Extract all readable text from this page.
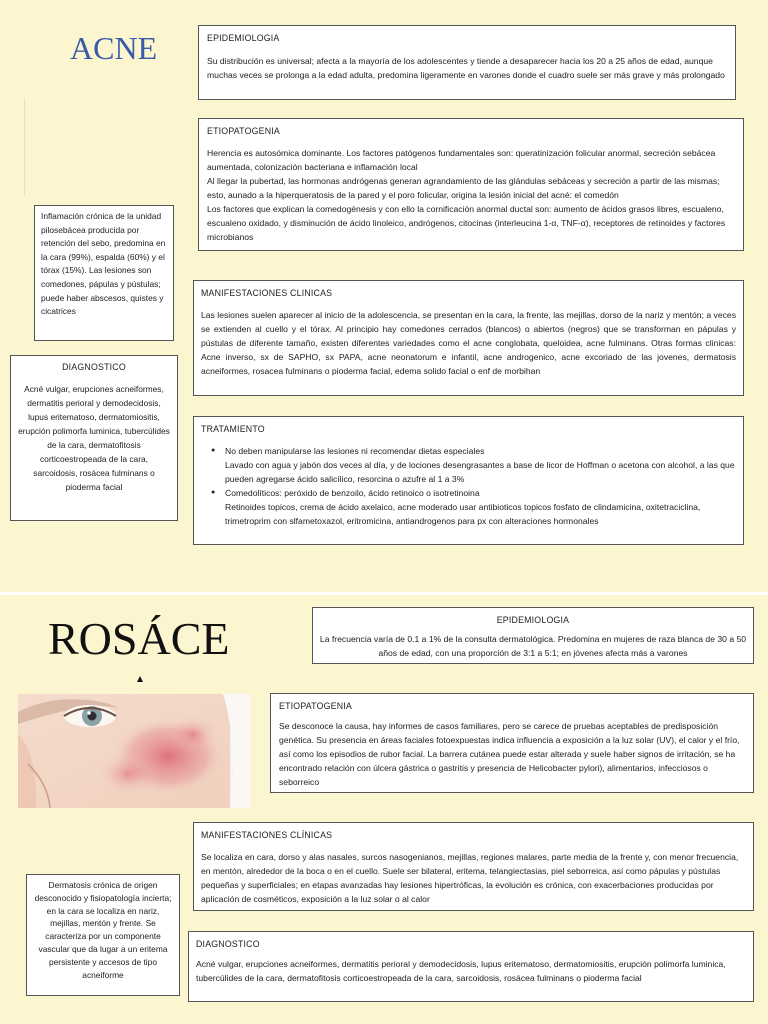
ACNE

Inflamación crónica de la unidad pilosebácea producida por retención del sebo, predomina en la cara (99%), espalda (60%) y el tórax (15%). Las lesiones son comedones, pápulas y pústulas; puede haber abscesos, quistes y cicatrices

DIAGNOSTICO

Acné vulgar, erupciones acneiformes, dermatitis perioral y demodecidosis, lupus eritematoso, dermatomiositis, erupción polimorfa luminica, tubercúlides de la cara, dermatofitosis corticoestropeada de la cara, sarcoidosis, rosácea fulminans o pioderma facial

EPIDEMIOLOGIA

Su distribución es universal; afecta a la mayoría de los adolescentes y tiende a desaparecer hacia los 20 a 25 años de edad, aunque muchas veces se prolonga a la edad adulta, predomina ligeramente en varones donde el cuadro suele ser más grave y más prolongado

ETIOPATOGENIA

Herencia es autosómica dominante. Los factores patógenos fundamentales son: queratinización folicular anormal, secreción sebácea aumentada, colonización bacteriana e inflamación local

Al llegar la pubertad, las hormonas andrógenas generan agrandamiento de las glándulas sebáceas y secreción a partir de las mismas; esto, aunado a la hiperqueratosis de la pared y el poro folicular, origina la lesión inicial del acné: el comedón

Los factores que explican la comedogénesis y con ello la cornificación anormal ductal son: aumento de ácidos grasos libres, escualeno, escualeno oxidado, y disminución de ácido linoleico, andrógenos, citocinas (interleucina 1-α, TNF-α), receptores de retinoides y factores microbianos

MANIFESTACIONES CLINICAS

Las lesiones suelen aparecer al inicio de la adolescencia, se presentan en la cara, la frente, las mejillas, dorso de la nariz y mentón; a veces se extienden al cuello y el tórax. Al principio hay comedones cerrados (blancos) o abiertos (negros) que se transforman en pápulas y pústulas de diferente tamaño, existen diferentes variedades como el acne conglobata, queloidea, acne fulminans. Otras formas clinicas: Acne inverso, sx de SAPHO, sx PAPA, acne neonatorum e infantil, acne androgenico, acne excoriado de las jovenes, dermatosis acneiformes, rosacea fulminans o pioderma facial, edema solido facial o enf de morbihan

TRATAMIENTO
● No deben manipularse las lesiones ni recomendar dietas especiales
Lavado con agua y jabón dos veces al día, y de lociones desengrasantes a base de licor de Hoffman o acetona con alcohol, a las que pueden agregarse ácido salicílico, resorcina o azufre al 1 a 3%
● Comedolíticos: peróxido de benzoilo, ácido retinoico o isotretinoina
Retinoides topicos, crema de ácido axelaico, acne moderado usar antibioticos topicos fosfato de clindamicina, oxitetraciclina, trimetroprim con slfametoxazol, eritromicina, antiandrogenos para px con alteraciones hormonales
ROSÁCE

Dermatosis crónica de origen desconocido y fisiopatología incierta; en la cara se localiza en nariz, mejillas, mentón y frente. Se caracteriza por un componente vascular que da lugar a un eritema persistente y accesos de tipo acneiforme

EPIDEMIOLOGIA

La frecuencia varía de 0.1 a 1% de la consulta dermatológica. Predomina en mujeres de raza blanca de 30 a 50 años de edad, con una proporción de 3:1 a 5:1; en jóvenes afecta más a varones

ETIOPATOGENIA

Se desconoce la causa, hay informes de casos familiares, pero se carece de pruebas aceptables de predisposición genética. Su presencia en áreas faciales fotoexpuestas indica influencia a exposición a la luz solar (UV), el calor y el frío, así como los episodios de rubor facial. La barrera cutánea puede estar alterada y suele haber signos de irritación, se ha encontrado relación con úlcera gástrica o gastritis y presencia de Helicobacter pylori), alimentarios, infecciosos o seborreico

MANIFESTACIONES CLÍNICAS

Se localiza en cara, dorso y alas nasales, surcos nasogenianos, mejillas, regiones malares, parte media de la frente y, con menor frecuencia, en mentón, alrededor de la boca o en el cuello. Suele ser bilateral, eritema, telangiectasias, piel seborreica, así como pápulas y pústulas pequeñas y superficiales; en etapas avanzadas hay lesiones hipertróficas, la evolución es crónica, con exacerbaciones producidas por aplicación de cosméticos, exposición a la luz solar o al calor

DIAGNOSTICO

Acné vulgar, erupciones acneiformes, dermatitis perioral y demodecidosis, lupus eritematoso, dermatomiositis, erupción polimorfa luminica, tubercúlides de la cara, dermatofitosis corticoestropeada de la cara, sarcoidosis, rosácea fulminans o pioderma facial
